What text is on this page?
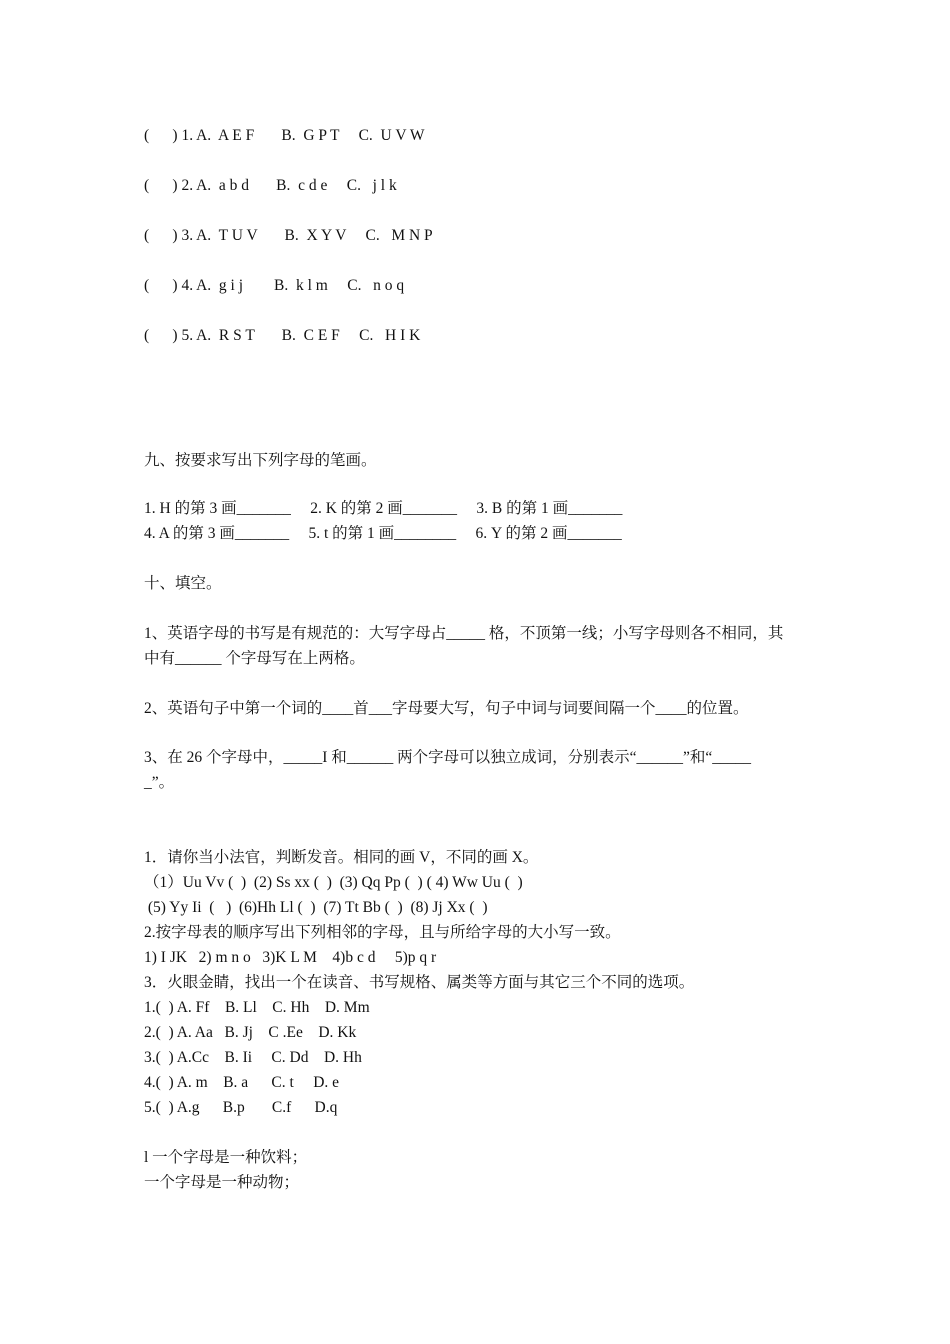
(      ) 1. A.  A E F       B.  G P T     C.  U V W

(      ) 2. A.  a b d       B.  c d e     C.   j l k

(      ) 3. A.  T U V       B.  X Y V     C.   M N P

(      ) 4. A.  g i j        B.  k l m     C.   n o q

(      ) 5. A.  R S T       B.  C E F     C.   H I K

九、按要求写出下列字母的笔画。

1. H 的第 3 画_______     2. K 的第 2 画_______     3. B 的第 1 画_______

4. A 的第 3 画_______     5. t 的第 1 画________     6. Y 的第 2 画_______

十、填空。

1、英语字母的书写是有规范的：大写字母占_____ 格，不顶第一线；小写字母则各不相同，其

中有______ 个字母写在上两格。

2、英语句子中第一个词的____首___字母要大写，句子中词与词要间隔一个____的位置。

3、在 26 个字母中，_____I 和______ 两个字母可以独立成词，分别表示“______”和“_____

_”。

1．请你当小法官，判断发音。相同的画 V，不同的画 X。

（1）Uu Vv (  )  (2) Ss xx (  )  (3) Qq Pp (  ) ( 4) Ww Uu (  )

(5) Yy Ii  (   )  (6)Hh Ll (  )  (7) Tt Bb (  )  (8) Jj Xx (  )

2.按字母表的顺序写出下列相邻的字母，且与所给字母的大小写一致。

1) I JK   2) m n o   3)K L M    4)b c d     5)p q r

3．火眼金睛，找出一个在读音、书写规格、属类等方面与其它三个不同的选项。

1.(  ) A. Ff    B. Ll    C. Hh    D. Mm

2.(  ) A. Aa   B. Jj    C .Ee    D. Kk

3.(  ) A.Cc    B. Ii     C. Dd    D. Hh

4.(  ) A. m    B. a      C. t     D. e

5.(  ) A.g      B.p       C.f      D.q

l 一个字母是一种饮料；

一个字母是一种动物；
